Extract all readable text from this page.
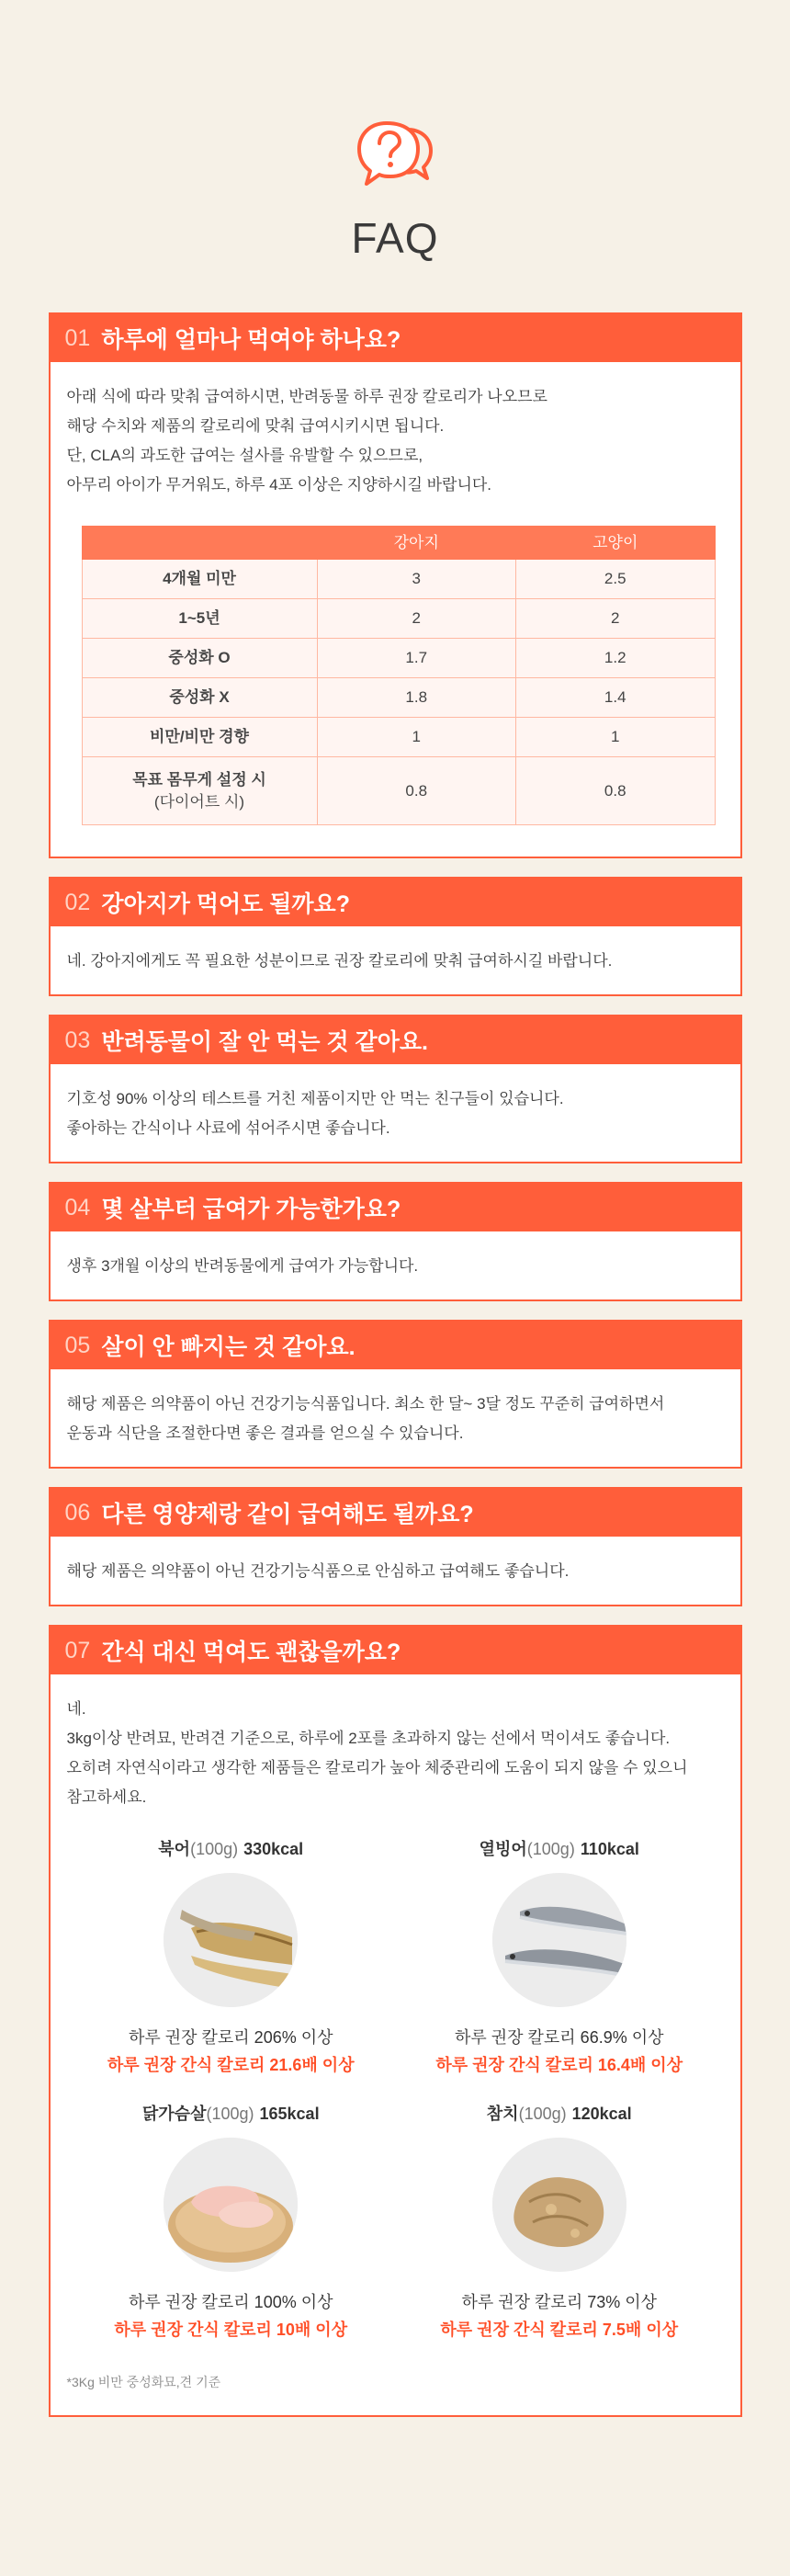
FAQ
01 하루에 얼마나 먹여야 하나요?

아래 식에 따라 맞춰 급여하시면, 반려동물 하루 권장 칼로리가 나오므로

해당 수치와 제품의 칼로리에 맞춰 급여시키시면 됩니다.

단, CLA의 과도한 급여는 설사를 유발할 수 있으므로,

아무리 아이가 무거워도, 하루 4포 이상은 지양하시길 바랍니다.

	강아지	고양이
4개월 미만	3	2.5
1~5년	2	2
중성화 O	1.7	1.2
중성화 X	1.8	1.4
비만/비만 경향	1	1
목표 몸무게 설정 시
(다이어트 시)	0.8	0.8
02 강아지가 먹어도 될까요?

네. 강아지에게도 꼭 필요한 성분이므로 권장 칼로리에 맞춰 급여하시길 바랍니다.

03 반려동물이 잘 안 먹는 것 같아요.

기호성 90% 이상의 테스트를 거친 제품이지만 안 먹는 친구들이 있습니다.

좋아하는 간식이나 사료에 섞어주시면 좋습니다.

04 몇 살부터 급여가 가능한가요?

생후 3개월 이상의 반려동물에게 급여가 가능합니다.

05 살이 안 빠지는 것 같아요.

해당 제품은 의약품이 아닌 건강기능식품입니다. 최소 한 달~ 3달 정도 꾸준히 급여하면서

운동과 식단을 조절한다면 좋은 결과를 얻으실 수 있습니다.

06 다른 영양제랑 같이 급여해도 될까요?

해당 제품은 의약품이 아닌 건강기능식품으로 안심하고 급여해도 좋습니다.

07 간식 대신 먹여도 괜찮을까요?

네.

3kg이상 반려묘, 반려견 기준으로, 하루에 2포를 초과하지 않는 선에서 먹이셔도 좋습니다.

오히려 자연식이라고 생각한 제품들은 칼로리가 높아 체중관리에 도움이 되지 않을 수 있으니

참고하세요.

북어(100g) 330kcal
하루 권장 칼로리 206% 이상
하루 권장 간식 칼로리 21.6배 이상
열빙어(100g) 110kcal
하루 권장 칼로리 66.9% 이상
하루 권장 간식 칼로리 16.4배 이상
닭가슴살(100g) 165kcal
하루 권장 칼로리 100% 이상
하루 권장 간식 칼로리 10배 이상
참치(100g) 120kcal
하루 권장 칼로리 73% 이상
하루 권장 간식 칼로리 7.5배 이상
*3Kg 비만 중성화묘,견 기준
